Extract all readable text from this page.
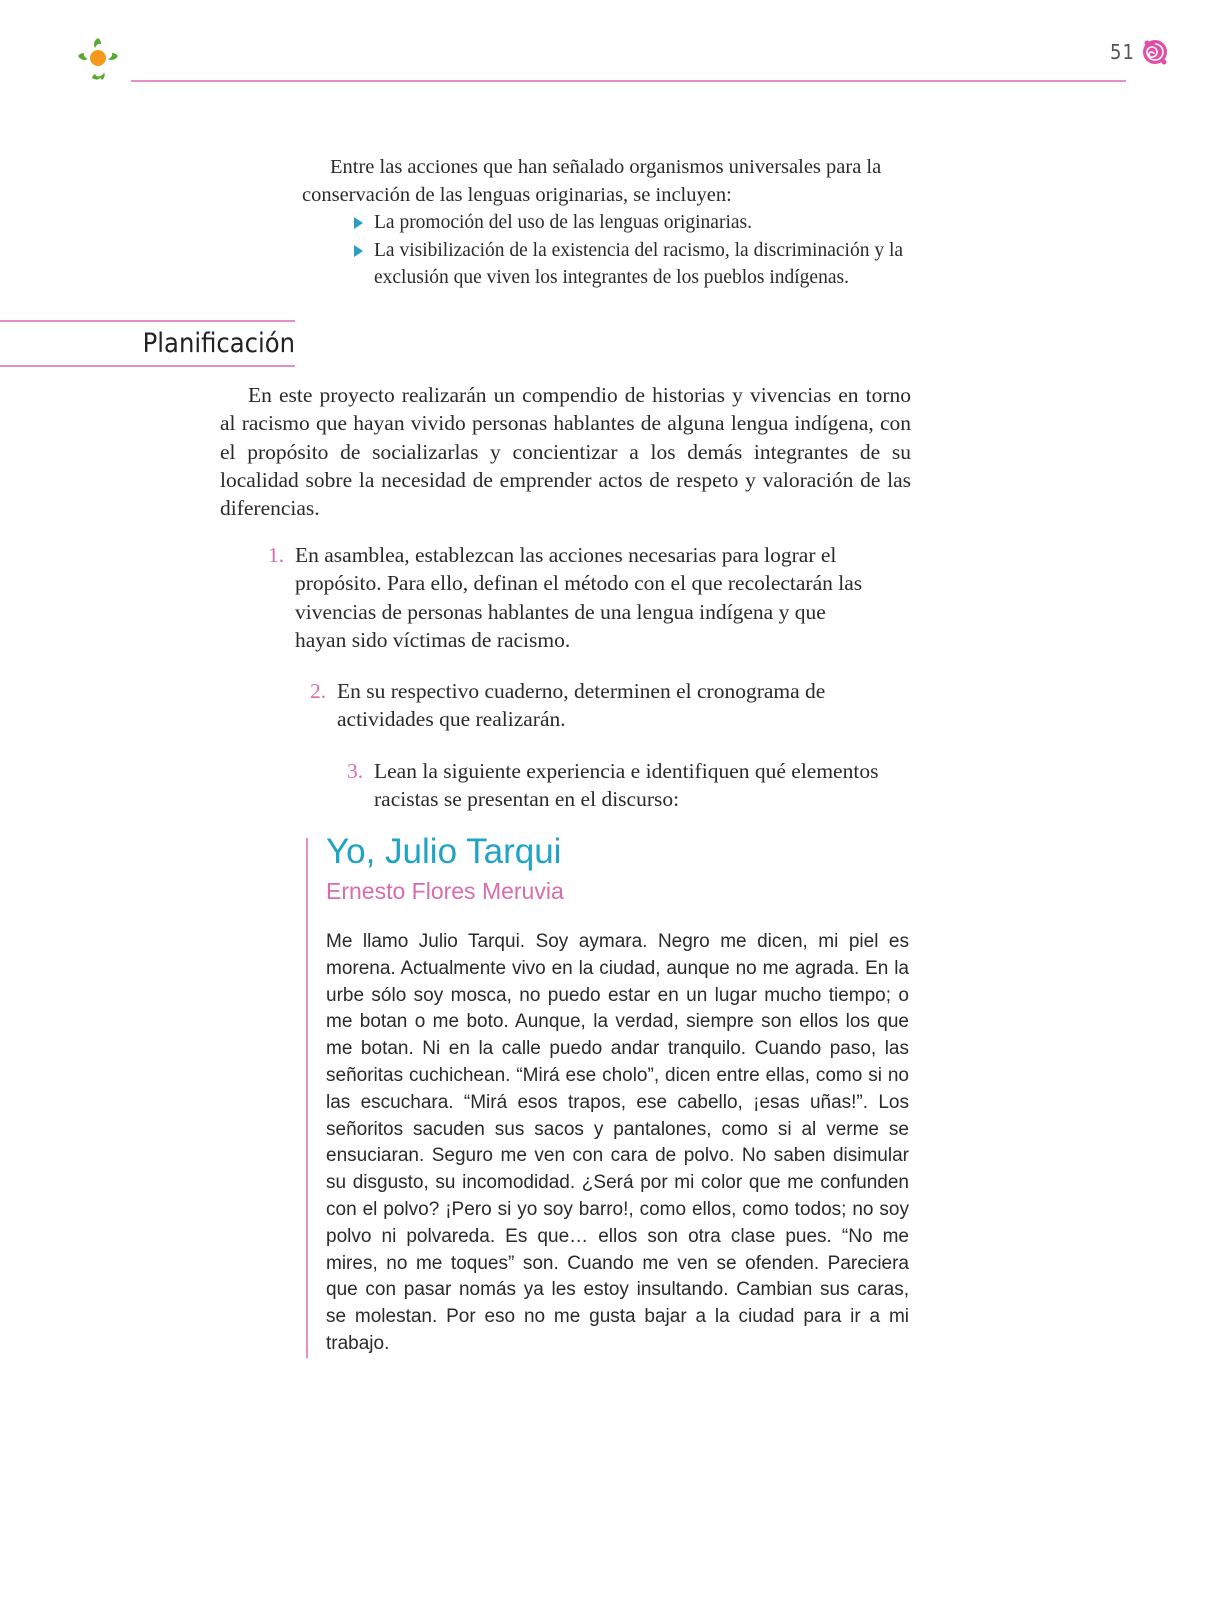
51

Entre las acciones que han señalado organismos universales para la conservación de las lenguas originarias, se incluyen:

La promoción del uso de las lenguas originarias.
La visibilización de la existencia del racismo, la discriminación y la exclusión que viven los integrantes de los pueblos indígenas.
Planificación

En este proyecto realizarán un compendio de historias y vivencias en torno al racismo que hayan vivido personas hablantes de alguna lengua indígena, con el propósito de socializarlas y concientizar a los demás integrantes de su localidad sobre la necesidad de emprender actos de respeto y valoración de las diferencias.

1. En asamblea, establezcan las acciones necesarias para lograr el propósito. Para ello, definan el método con el que recolectarán las vivencias de personas hablantes de una lengua indígena y que hayan sido víctimas de racismo.
2. En su respectivo cuaderno, determinen el cronograma de actividades que realizarán.
3. Lean la siguiente experiencia e identifiquen qué elementos racistas se presentan en el discurso:
Yo, Julio Tarqui
Ernesto Flores Meruvia

Me llamo Julio Tarqui. Soy aymara. Negro me dicen, mi piel es morena. Actualmente vivo en la ciudad, aunque no me agrada. En la urbe sólo soy mosca, no puedo estar en un lugar mucho tiempo; o me botan o me boto. Aunque, la verdad, siempre son ellos los que me botan. Ni en la calle puedo andar tranquilo. Cuando paso, las señoritas cuchichean. “Mirá ese cholo”, dicen entre ellas, como si no las escuchara. “Mirá esos trapos, ese cabello, ¡esas uñas!”. Los señoritos sacuden sus sacos y pantalones, como si al verme se ensuciaran. Seguro me ven con cara de polvo. No saben disimular su disgusto, su incomodidad. ¿Será por mi color que me confunden con el polvo? ¡Pero si yo soy barro!, como ellos, como todos; no soy polvo ni polvareda. Es que… ellos son otra clase pues. “No me mires, no me toques” son. Cuando me ven se ofenden. Pareciera que con pasar nomás ya les estoy insultando. Cambian sus caras, se molestan. Por eso no me gusta bajar a la ciudad para ir a mi trabajo.
